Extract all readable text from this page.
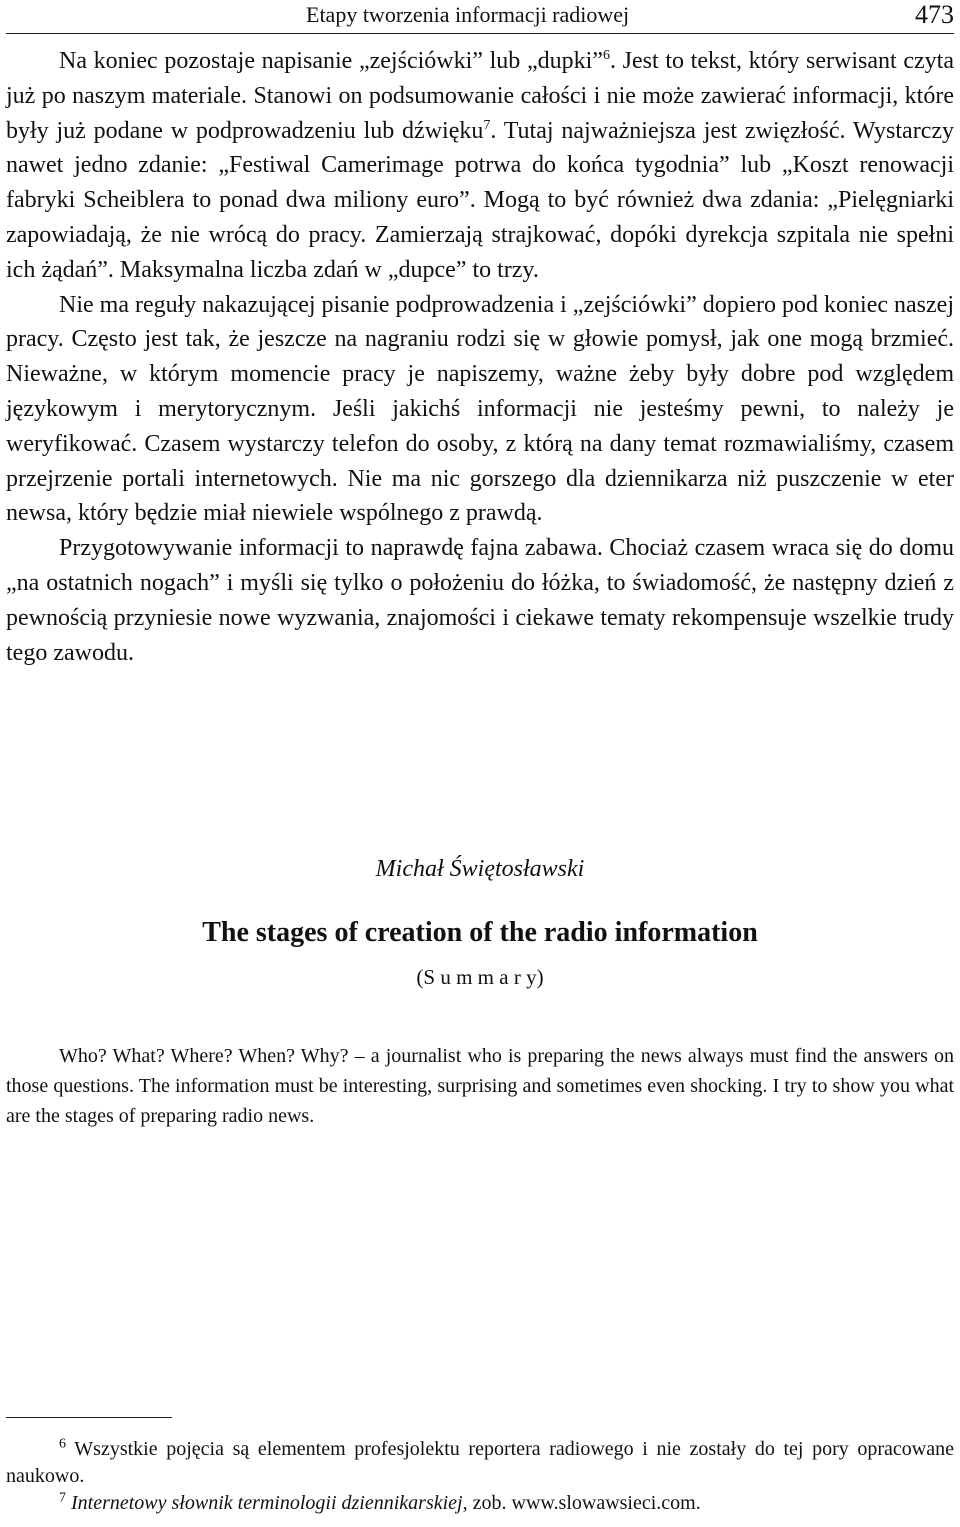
Etapy tworzenia informacji radiowej	473

Na koniec pozostaje napisanie „zejściówki” lub „dupki”$^6$. Jest to tekst, który serwisant czyta już po naszym materiale. Stanowi on podsumowanie całości i nie może zawierać informacji, które były już podane w podprowadzeniu lub dźwięku$^7$. Tutaj najważniejsza jest zwięzłość. Wystarczy nawet jedno zdanie: „Festiwal Camerimage potrwa do końca tygodnia” lub „Koszt renowacji fabryki Scheiblera to ponad dwa miliony euro”. Mogą to być również dwa zdania: „Pielęgniarki zapowiadają, że nie wrócą do pracy. Zamierzają strajkować, dopóki dyrekcja szpitala nie spełni ich żądań”. Maksymalna liczba zdań w „dupce” to trzy.

Nie ma reguły nakazującej pisanie podprowadzenia i „zejściówki” dopiero pod koniec naszej pracy. Często jest tak, że jeszcze na nagraniu rodzi się w głowie pomysł, jak one mogą brzmieć. Nieważne, w którym momencie pracy je napiszemy, ważne żeby były dobre pod względem językowym i merytorycznym. Jeśli jakichś informacji nie jesteśmy pewni, to należy je weryfikować. Czasem wystarczy telefon do osoby, z którą na dany temat rozmawialiśmy, czasem przejrzenie portali internetowych. Nie ma nic gorszego dla dziennikarza niż puszczenie w eter newsa, który będzie miał niewiele wspólnego z prawdą.

Przygotowywanie informacji to naprawdę fajna zabawa. Chociaż czasem wraca się do domu „na ostatnich nogach” i myśli się tylko o położeniu do łóżka, to świadomość, że następny dzień z pewnością przyniesie nowe wyzwania, znajomości i ciekawe tematy rekompensuje wszelkie trudy tego zawodu.

Michał Świętosławski
The stages of creation of the radio information
(S u m m a r y)

Who? What? Where? When? Why? – a journalist who is preparing the news always must find the answers on those questions. The information must be interesting, surprising and sometimes even shocking. I try to show you what are the stages of preparing radio news.

$^6$ Wszystkie pojęcia są elementem profesjolektu reportera radiowego i nie zostały do tej pory opracowane naukowo.

$^7$ Internetowy słownik terminologii dziennikarskiej, zob. www.slowawsieci.com.
